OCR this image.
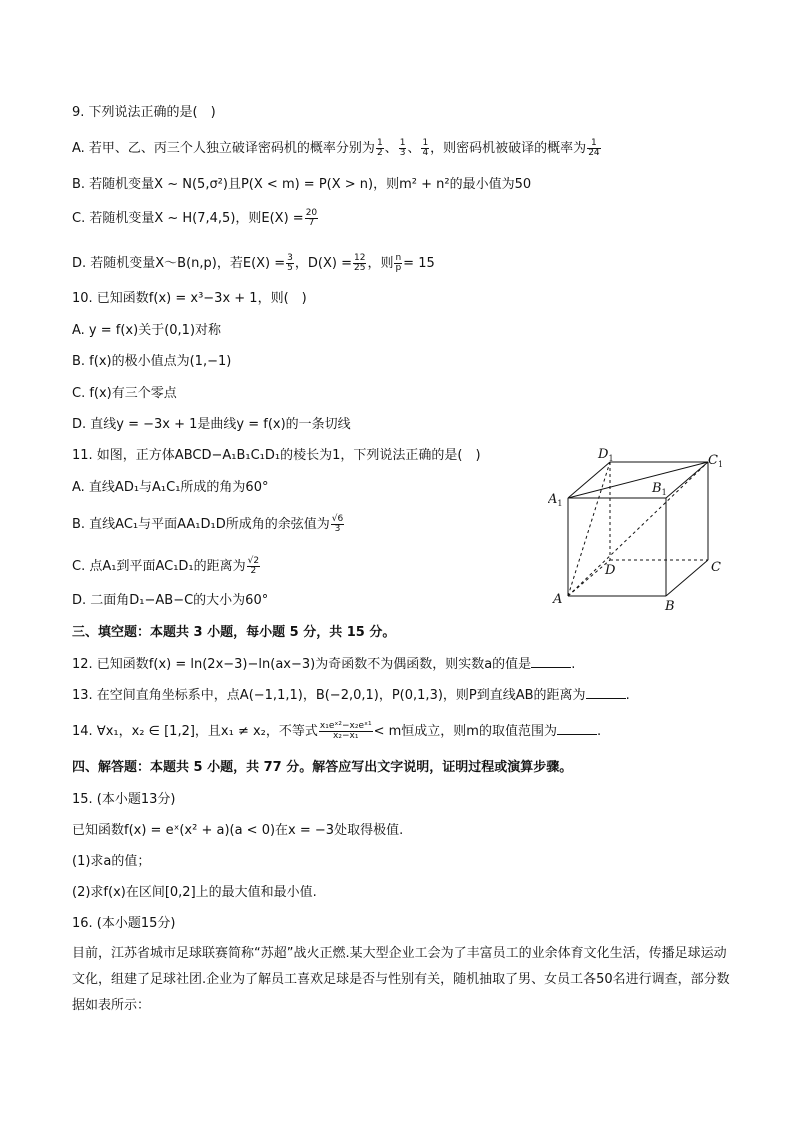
9. 下列说法正确的是(　)
A. 若甲、乙、丙三个人独立破译密码机的概率分别为 $\frac{1}{2}$ 、 $\frac{1}{3}$ 、 $\frac{1}{4}$ ，则密码机被破译的概率为 $\frac{1}{24}$
B. 若随机变量X ~ N(5,σ²)且P(X < m) = P(X > n)，则m² + n²的最小值为50
C. 若随机变量X ~ H(7,4,5)，则$E(X) = \frac{20}{7}$
D. 若随机变量X～B(n,p)，若$E(X) = \frac{3}{5}$ ，$D(X) = \frac{12}{25}$ ，则 $\frac{n}{p} = 15$
10. 已知函数f(x) = x³−3x + 1，则(　)
A. y = f(x)关于(0,1)对称
B. f(x)的极小值点为(1,−1)
C. f(x)有三个零点
D. 直线y = −3x + 1是曲线y = f(x)的一条切线
11. 如图，正方体ABCD−A₁B₁C₁D₁的棱长为1，下列说法正确的是(　)
A. 直线AD₁与A₁C₁所成的角为60°
B. 直线AC₁与平面AA₁D₁D所成角的余弦值为 $\frac{√6}{3}$
C. 点A₁到平面AC₁D₁的距离为 $\frac{√2}{2}$
D. 二面角D₁−AB−C的大小为60°
$D_1$	$C_1$
$A_1$
$B_1$
D	C
A	B
三、填空题：本题共 3 小题，每小题 5 分，共 15 分。
12. 已知函数f(x) = ln(2x−3)−ln(ax−3)为奇函数不为偶函数，则实数a的值是	.
13. 在空间直角坐标系中，点A(−1,1,1)，B(−2,0,1)，P(0,1,3)，则P到直线AB的距离为	.
14. ∀x₁，x₂ ∈ [1,2]，且x₁ ≠ x₂，不等式 $\frac{\text{x₁eˣ²−x₂eˣ¹}}{\text{x₂−x₁}} < m$恒成立，则m的取值范围为	.
四、解答题：本题共 5 小题，共 77 分。解答应写出文字说明，证明过程或演算步骤。
15. (本小题13分)
已知函数f(x) = eˣ(x² + a)(a < 0)在x = −3处取得极值.
(1)求a的值；
(2)求f(x)在区间[0,2]上的最大值和最小值.
16. (本小题15分)
目前，江苏省城市足球联赛简称“苏超”战火正燃.某大型企业工会为了丰富员工的业余体育文化生活，传播足球运动文化，组建了足球社团.企业为了解员工喜欢足球是否与性别有关，随机抽取了男、女员工各50名进行调查，部分数据如表所示：
